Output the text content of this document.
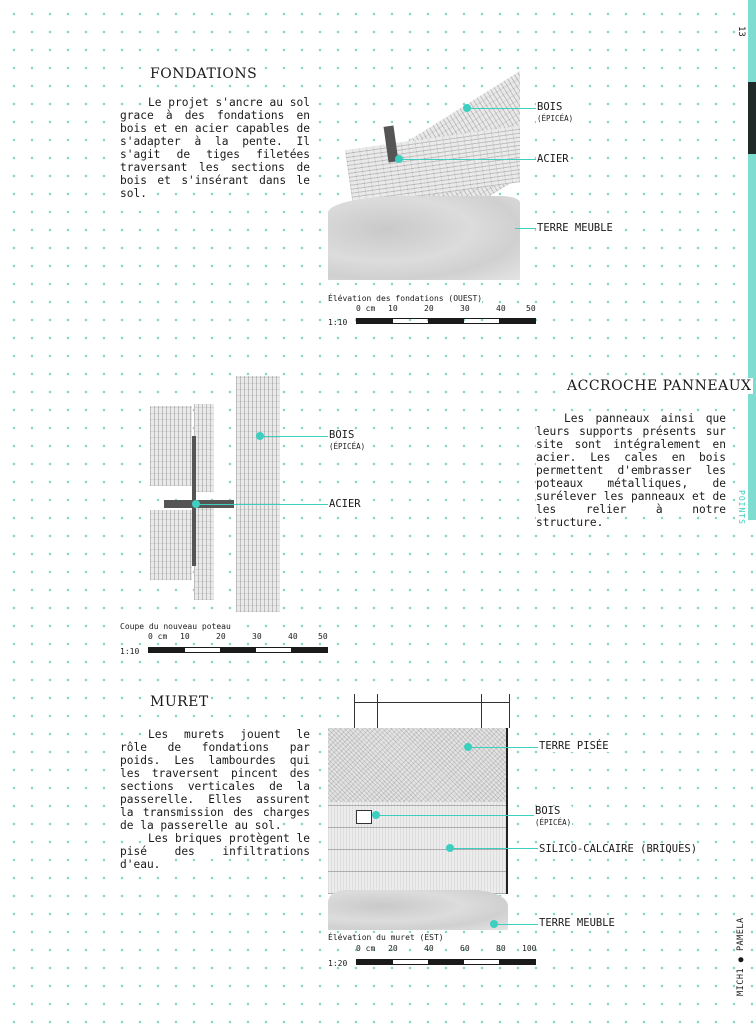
13
POINTS
MICH1 ● PAMELA
FONDATIONS
Le projet s'ancre au sol grace à des fondations en bois et en acier capables de s'adapter à la pente. Il s'agit de tiges filetées traversant les sections de bois et s'insérant dans le sol.
BOIS
(ÉPICÉA)
ACIER
TERRE MEUBLE
Élévation des fondations (OUEST)
0 cm 10	20	30	40	50
1:10
BOIS
(ÉPICÉA)
ACIER
ACCROCHE PANNEAUX
Les panneaux ainsi que leurs supports présents sur site sont intégralement en acier. Les cales en bois permettent d'embrasser les poteaux métalliques, de surélever les panneaux et de les relier à notre structure.
Coupe du nouveau poteau
0 cm 10	20	30	40	50
1:10
MURET
Les murets jouent le rôle de fondations par poids. Les lambourdes qui les traversent pincent des sections verticales de la passerelle. Elles assurent la transmission des charges de la passerelle au sol.
Les briques protègent le pisé des infiltrations d'eau.
TERRE PISÉE
BOIS
(ÉPICÉA)
SILICO-CALCAIRE (BRIQUES)
TERRE MEUBLE
Élévation du muret (EST)
0 cm 20	40	60	80 100
1:20
